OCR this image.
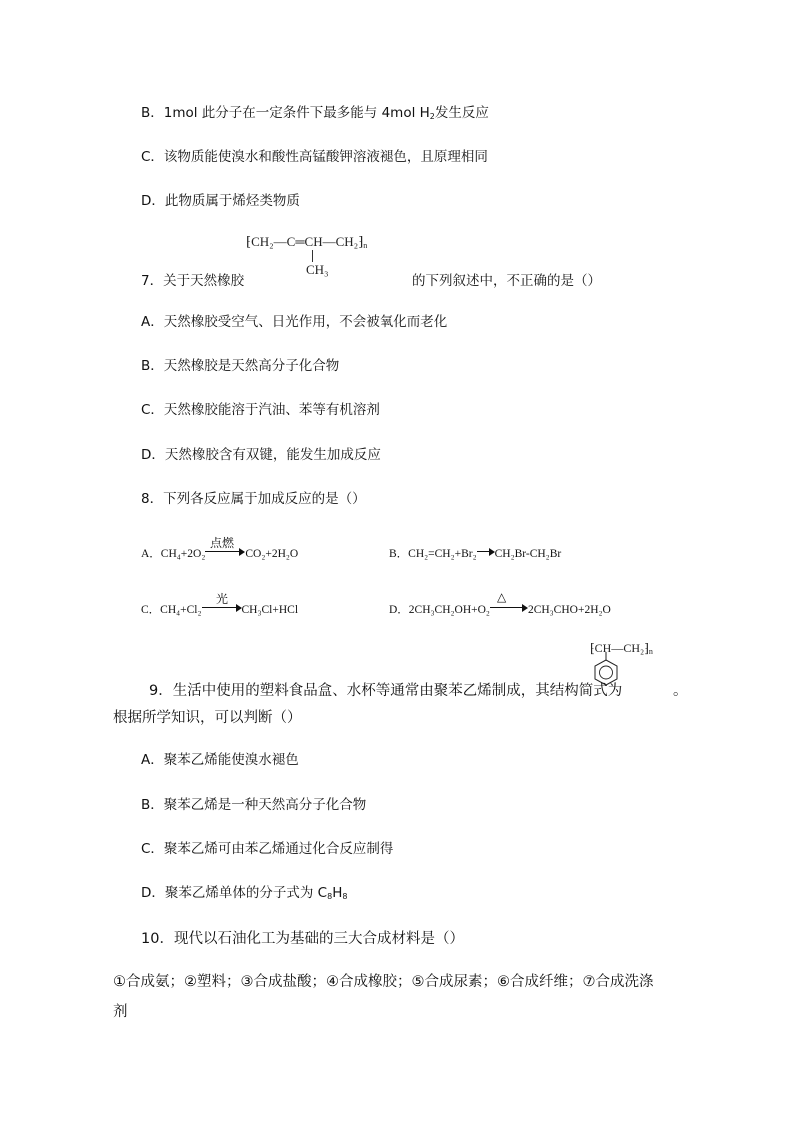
B．1mol 此分子在一定条件下最多能与 4mol $H_2$发生反应
C．该物质能使溴水和酸性高锰酸钾溶液褪色，且原理相同
D．此物质属于烯烃类物质
$⁅CH_2—C═CH—CH_2⁆_n$
CH₃
7．关于天然橡胶	的下列叙述中，不正确的是（）
A．天然橡胶受空气、日光作用，不会被氧化而老化
B．天然橡胶是天然高分子化合物
C．天然橡胶能溶于汽油、苯等有机溶剂
D．天然橡胶含有双键，能发生加成反应
8．下列各反应属于加成反应的是（）
A．CH₄+2O₂	CO₂+2H₂O
点燃
B．CH₂=CH₂+Br₂ CH₂Br-CH₂Br
C．CH₄+Cl₂	CH₃Cl+HCl
光
D．2CH₃CH₂OH+O₂	2CH₃CHO+2H₂O
△
$⁅CH—CH_2⁆_n$
9．生活中使用的塑料食品盒、水杯等通常由聚苯乙烯制成，其结构简式为	。
根据所学知识，可以判断（）
A．聚苯乙烯能使溴水褪色
B．聚苯乙烯是一种天然高分子化合物
C．聚苯乙烯可由苯乙烯通过化合反应制得
D．聚苯乙烯单体的分子式为 $C_8H_8$
10．现代以石油化工为基础的三大合成材料是（）
①合成氨；②塑料；③合成盐酸；④合成橡胶；⑤合成尿素；⑥合成纤维；⑦合成洗涤
剂
